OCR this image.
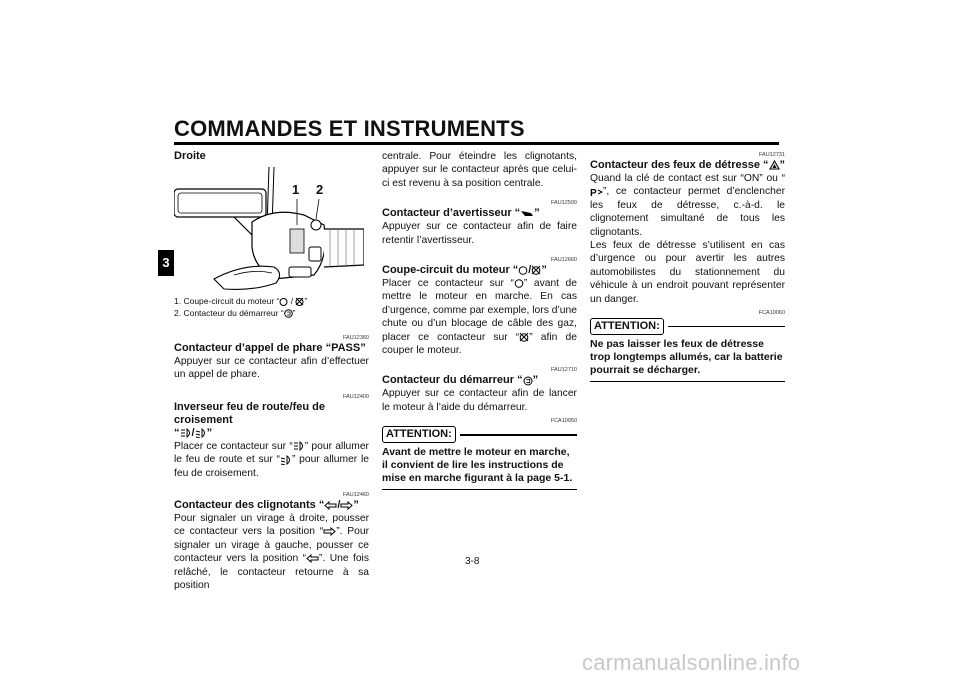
COMMANDES ET INSTRUMENTS
3
Droite
1 2
1. Coupe-circuit du moteur “ / ”
2. Contacteur du démarreur “ ”
FAU12360
Contacteur d’appel de phare “PASS”

Appuyer sur ce contacteur afin d’effectuer un appel de phare.

FAU12400
Inverseur feu de route/feu de croisement
“ / ”

Placer ce contacteur sur “ ” pour allumer le feu de route et sur “ ” pour allumer le feu de croisement.

FAU12460
Contacteur des clignotants “ / ”

Pour signaler un virage à droite, pousser ce contacteur vers la position “ ”. Pour signaler un virage à gauche, pousser ce contacteur vers la position “ ”. Une fois relâché, le contacteur retourne à sa position

centrale. Pour éteindre les clignotants, appuyer sur le contacteur après que celui-ci est revenu à sa position centrale.

FAU12500
Contacteur d’avertisseur “ ”

Appuyer sur ce contacteur afin de faire retentir l’avertisseur.

FAU12660
Coupe-circuit du moteur “ / ”

Placer ce contacteur sur “ ” avant de mettre le moteur en marche. En cas d’urgence, comme par exemple, lors d’une chute ou d’un blocage de câble des gaz, placer ce contacteur sur “ ” afin de couper le moteur.

FAU12710
Contacteur du démarreur “ ”

Appuyer sur ce contacteur afin de lancer le moteur à l’aide du démarreur.

FCA10050
ATTENTION:
Avant de mettre le moteur en marche, il convient de lire les instructions de mise en marche figurant à la page 5-1.
FAU12731
Contacteur des feux de détresse “ ”

Quand la clé de contact est sur “ON” ou “
P ”, ce contacteur permet d’enclencher les feux de détresse, c.-à-d. le clignotement simultané de tous les clignotants.

Les feux de détresse s’utilisent en cas d’urgence ou pour avertir les autres automobilistes du stationnement du véhicule à un endroit pouvant représenter un danger.

FCA10060
ATTENTION:
Ne pas laisser les feux de détresse trop longtemps allumés, car la batterie pourrait se décharger.
3-8
carmanualsonline.info
